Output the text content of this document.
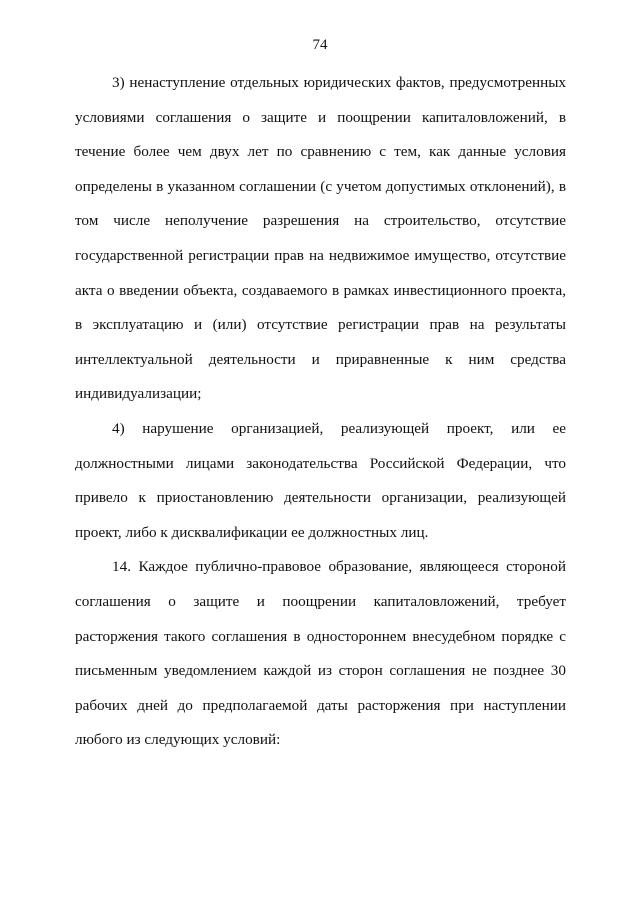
74

3) ненаступление отдельных юридических фактов, предусмотренных условиями соглашения о защите и поощрении капиталовложений, в течение более чем двух лет по сравнению с тем, как данные условия определены в указанном соглашении (с учетом допустимых отклонений), в том числе неполучение разрешения на строительство, отсутствие государственной регистрации прав на недвижимое имущество, отсутствие акта о введении объекта, создаваемого в рамках инвестиционного проекта, в эксплуатацию и (или) отсутствие регистрации прав на результаты интеллектуальной деятельности и приравненные к ним средства индивидуализации;

4) нарушение организацией, реализующей проект, или ее должностными лицами законодательства Российской Федерации, что привело к приостановлению деятельности организации, реализующей проект, либо к дисквалификации ее должностных лиц.

14. Каждое публично-правовое образование, являющееся стороной соглашения о защите и поощрении капиталовложений, требует расторжения такого соглашения в одностороннем внесудебном порядке с письменным уведомлением каждой из сторон соглашения не позднее 30 рабочих дней до предполагаемой даты расторжения при наступлении любого из следующих условий:
